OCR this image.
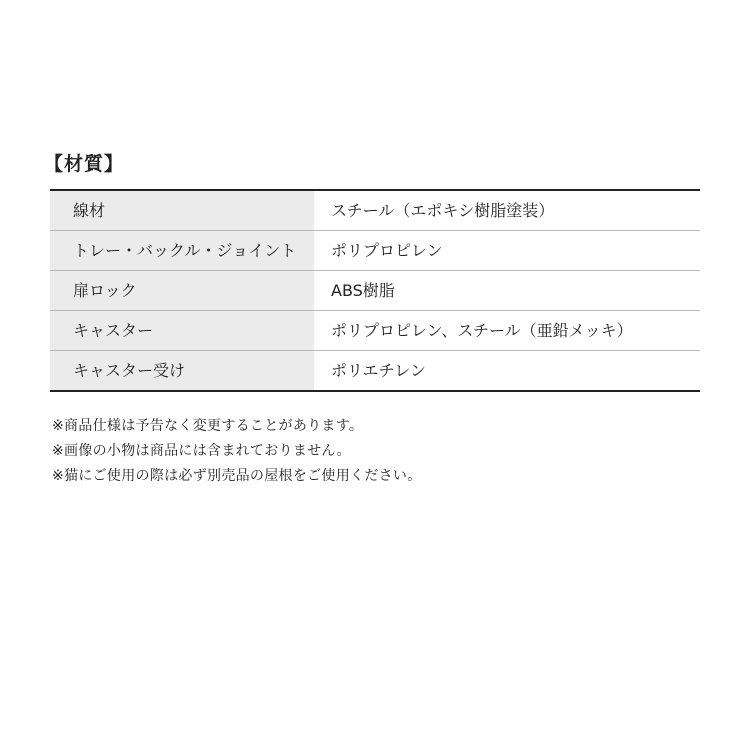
【材質】
線材	スチール（エポキシ樹脂塗装）
トレー・バックル・ジョイント	ポリプロピレン
扉ロック	ABS樹脂
キャスター	ポリプロピレン、スチール（亜鉛メッキ）
キャスター受け	ポリエチレン
※商品仕様は予告なく変更することがあります。
※画像の小物は商品には含まれておりません。
※猫にご使用の際は必ず別売品の屋根をご使用ください。
